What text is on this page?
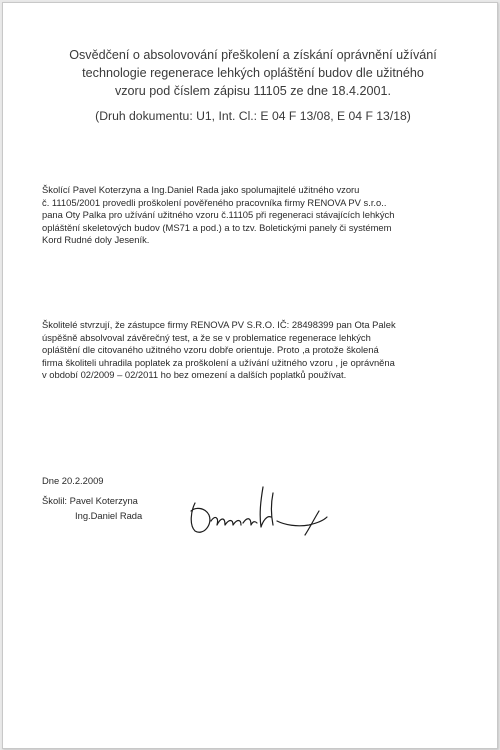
Osvědčení o absolovování přeškolení a získání oprávnění užívání
technologie regenerace lehkých opláštění budov dle užitného
vzoru pod číslem zápisu 11105 ze dne 18.4.2001.
(Druh dokumentu: U1, Int. Cl.: E 04 F 13/08, E 04 F 13/18)
Školící Pavel Koterzyna a Ing.Daniel Rada jako spolumajitelé užitného vzoru
č. 11105/2001 provedli proškolení pověřeného pracovníka firmy RENOVA PV s.r.o..
pana Oty Palka pro užívání užitného vzoru č.11105 při regeneraci stávajících lehkých
opláštění skeletových budov (MS71 a pod.) a to tzv. Boletickými panely či systémem
Kord Rudné doly Jeseník.
Školitelé stvrzují, že zástupce firmy RENOVA PV S.R.O. IČ: 28498399 pan Ota Palek
úspěšně absolvoval závěrečný test, a že se v problematice regenerace lehkých
opláštění dle citovaného užitného vzoru dobře orientuje. Proto ,a protože školená
firma školiteli uhradila poplatek za proškolení a užívání užitného vzoru , je oprávněna
v období 02/2009 – 02/2011 ho bez omezení a dalších poplatků používat.
Dne 20.2.2009
Školil: Pavel Koterzyna
Ing.Daniel Rada
